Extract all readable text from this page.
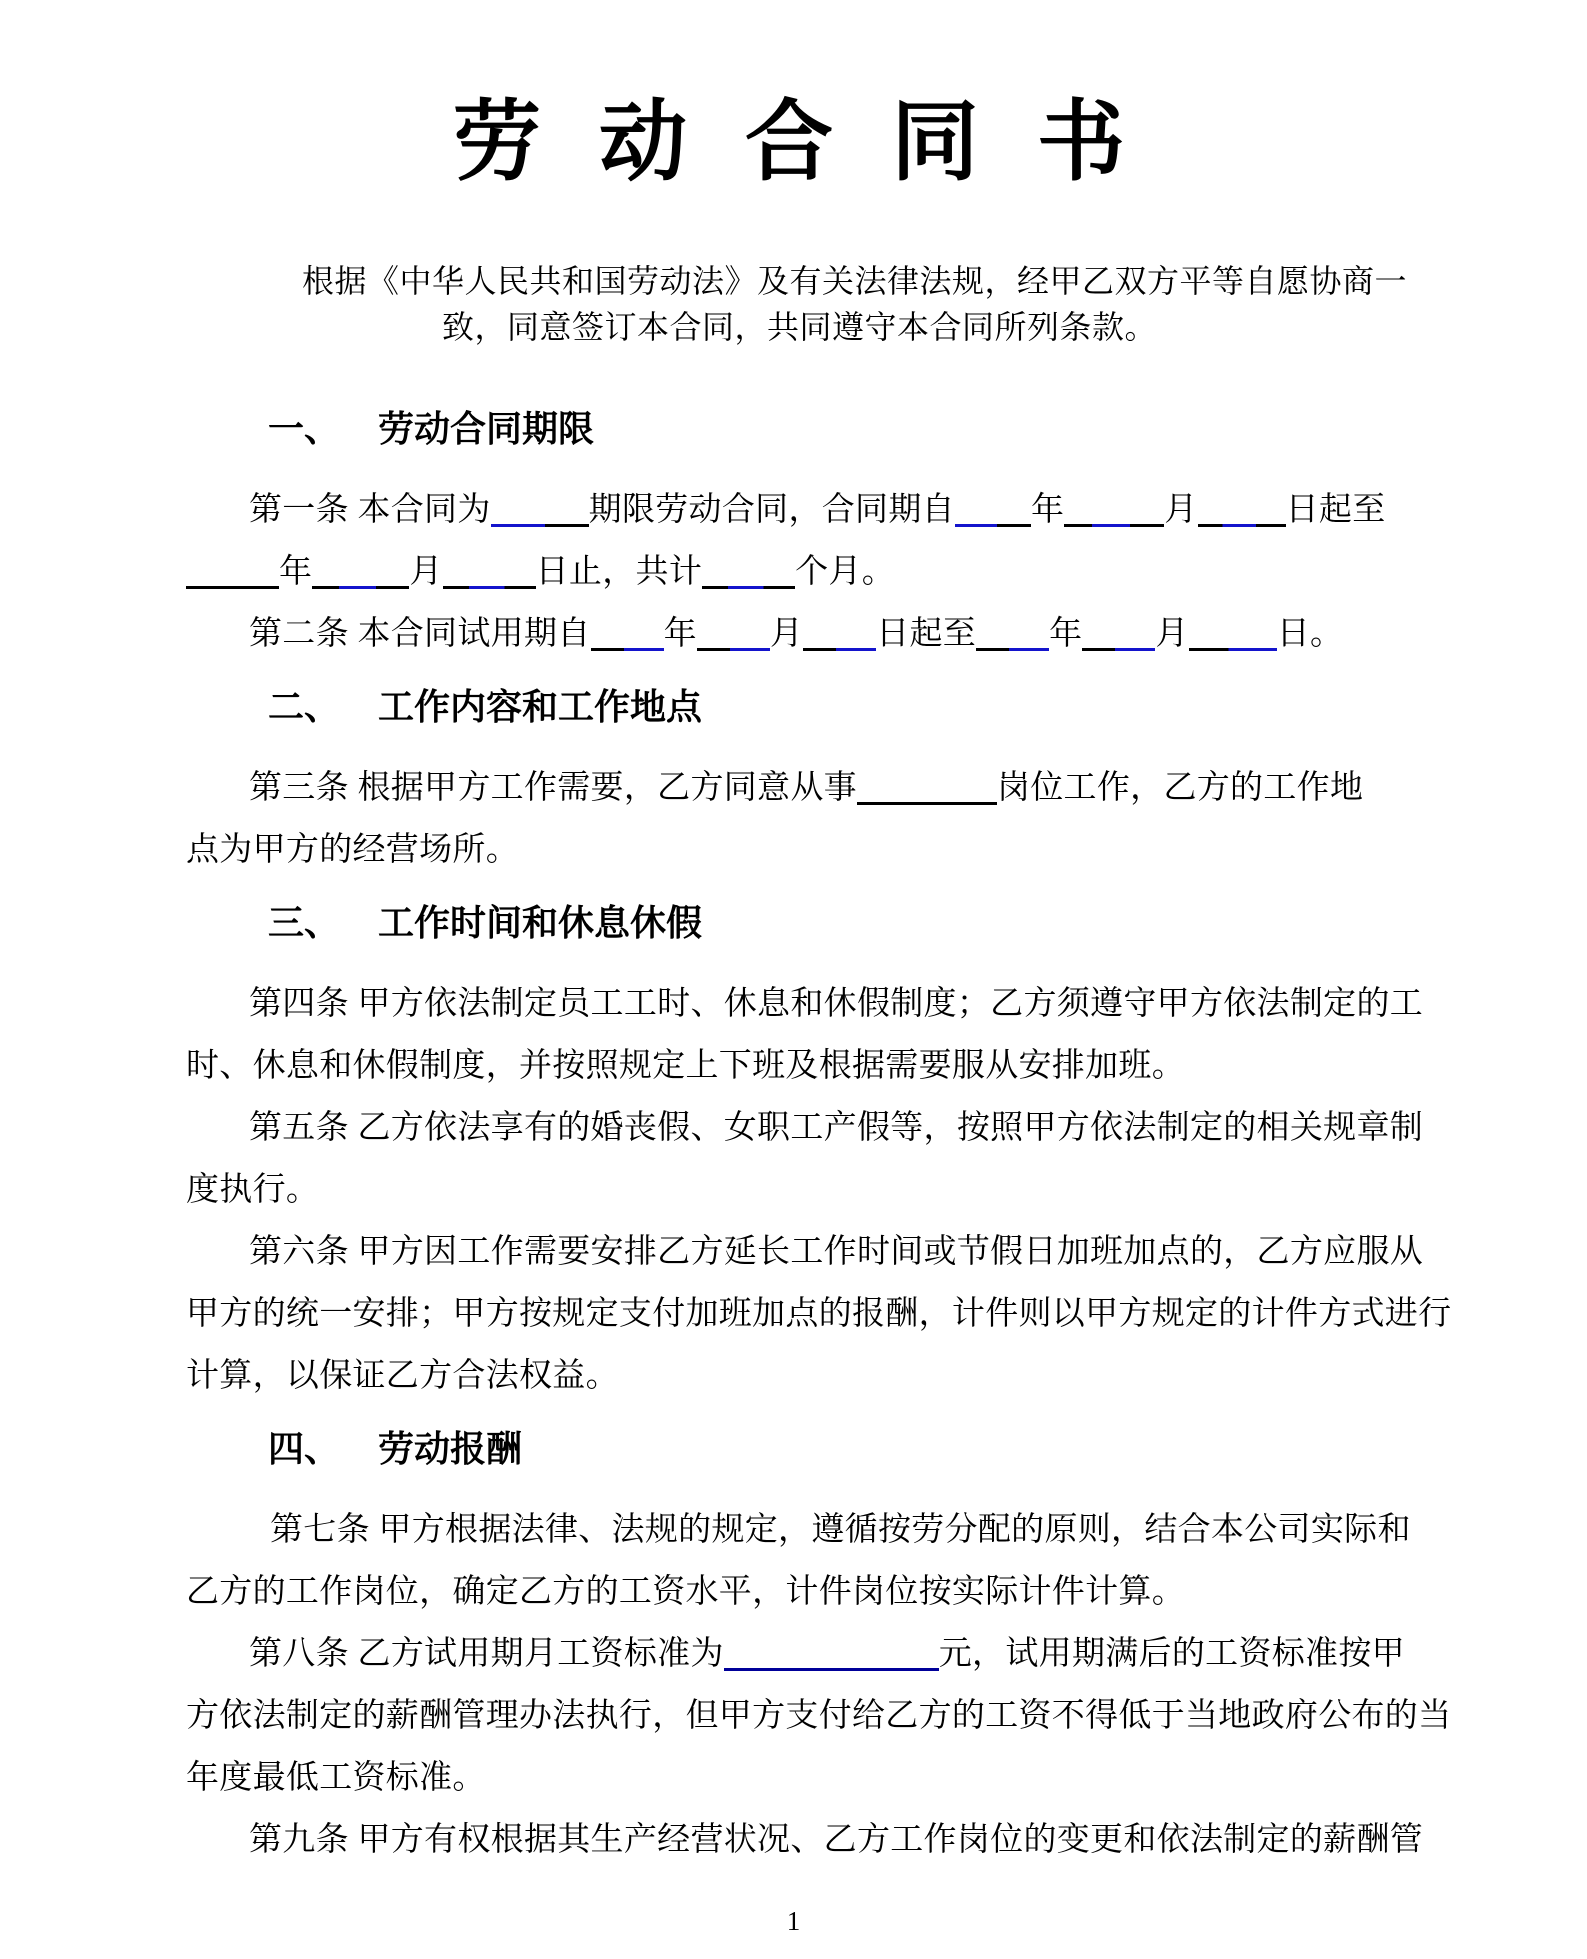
劳动合同书

根据《中华人民共和国劳动法》及有关法律法规，经甲乙双方平等自愿协商一

致，同意签订本合同，共同遵守本合同所列条款。

一、 劳动合同期限
第一条 本合同为	期限劳动合同，合同期自 年	月	日起至
年	月	日止，共计	个月。
第二条 本合同试用期自 年 月 日起至 年 月	日。
二、 工作内容和工作地点
第三条 根据甲方工作需要，乙方同意从事	岗位工作，乙方的工作地
点为甲方的经营场所。
三、 工作时间和休息休假
第四条 甲方依法制定员工工时、休息和休假制度；乙方须遵守甲方依法制定的工
时、休息和休假制度，并按照规定上下班及根据需要服从安排加班。
第五条 乙方依法享有的婚丧假、女职工产假等，按照甲方依法制定的相关规章制
度执行。
第六条 甲方因工作需要安排乙方延长工作时间或节假日加班加点的，乙方应服从
甲方的统一安排；甲方按规定支付加班加点的报酬，计件则以甲方规定的计件方式进行
计算，以保证乙方合法权益。
四、 劳动报酬
第七条 甲方根据法律、法规的规定，遵循按劳分配的原则，结合本公司实际和
乙方的工作岗位，确定乙方的工资水平，计件岗位按实际计件计算。
第八条 乙方试用期月工资标准为	元，试用期满后的工资标准按甲
方依法制定的薪酬管理办法执行，但甲方支付给乙方的工资不得低于当地政府公布的当
年度最低工资标准。
第九条 甲方有权根据其生产经营状况、乙方工作岗位的变更和依法制定的薪酬管
1
